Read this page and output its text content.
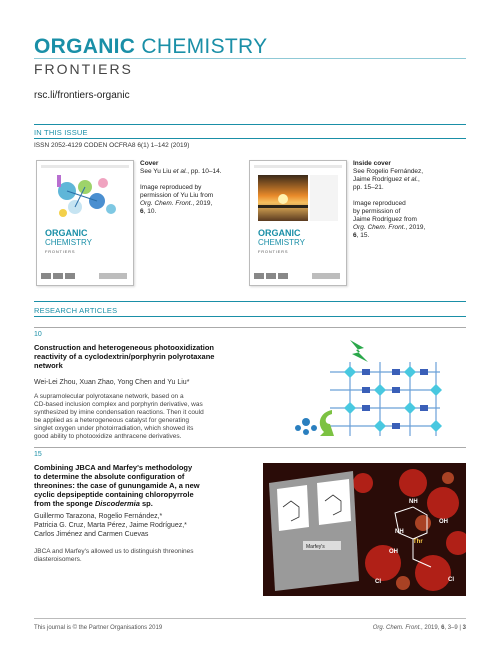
ORGANIC CHEMISTRY
FRONTIERS
rsc.li/frontiers-organic
IN THIS ISSUE
ISSN 2052-4129 CODEN OCFRA8 6(1) 1–142 (2019)
ORGANIC
CHEMISTRY
FRONTIERS
Cover
See Yu Liu et al., pp. 10–14.
Image reproduced by
permission of Yu Liu from
Org. Chem. Front., 2019,
6, 10.
ORGANIC
CHEMISTRY
FRONTIERS
Inside cover
See Rogelio Fernández,
Jaime Rodríguez et al.,
pp. 15–21.
Image reproduced
by permission of
Jaime Rodríguez from
Org. Chem. Front., 2019,
6, 15.
RESEARCH ARTICLES
10
Construction and heterogeneous photooxidization
reactivity of a cyclodextrin/porphyrin polyrotaxane
network
Wei-Lei Zhou, Xuan Zhao, Yong Chen and Yu Liu*
A supramolecular polyrotaxane network, based on a
CD-based inclusion complex and porphyrin derivative, was
synthesized by imine condensation reactions. Then it could
be applied as a heterogeneous catalyst for generating
singlet oxygen under photoirradiation, which showed its
good ability to photooxidize anthracene derivatives.
15
Combining JBCA and Marfey's methodology
to determine the absolute configuration of
threonines: the case of gunungamide A, a new
cyclic depsipeptide containing chloropyrrole
from the sponge Discodermia sp.
Guillermo Tarazona, Rogelio Fernández,*
Patricia G. Cruz, Marta Pérez, Jaime Rodríguez,*
Carlos Jiménez and Carmen Cuevas
JBCA and Marfey's allowed us to distinguish threonines
diasteroisomers.
Marfey's
NH
OH
OH
Cl
Thr
NH
Cl
This journal is © the Partner Organisations 2019	Org. Chem. Front., 2019, 6, 3–9 | 3
